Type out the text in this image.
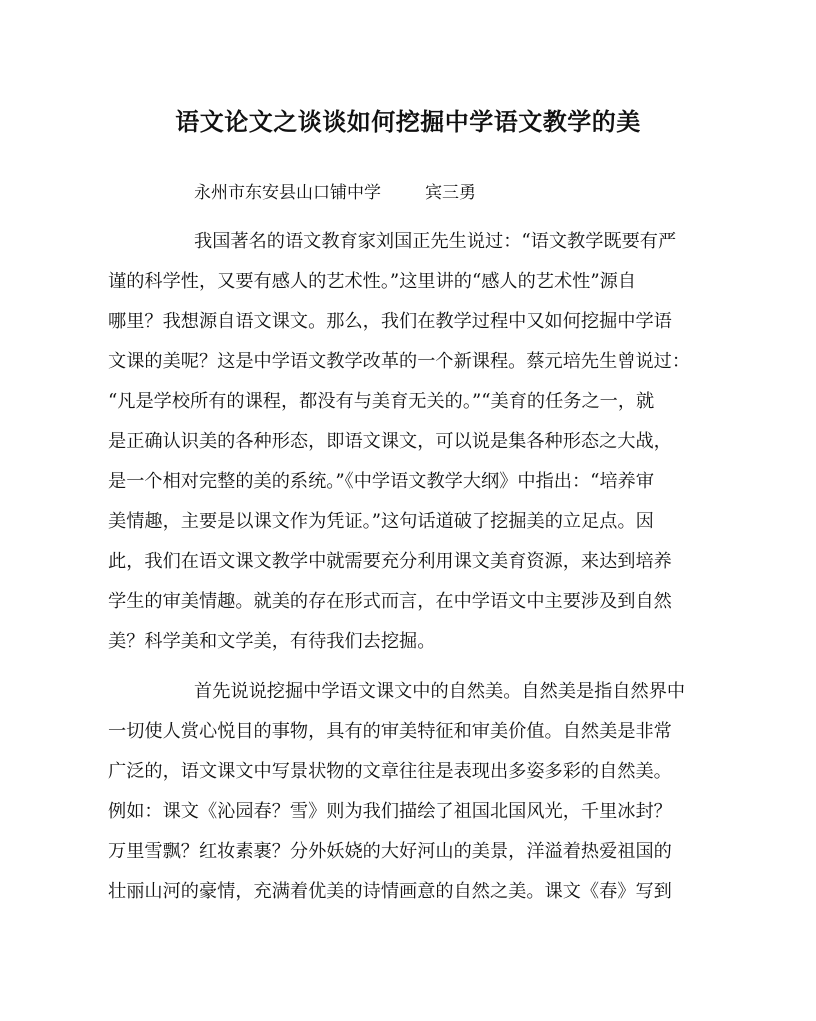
语文论文之谈谈如何挖掘中学语文教学的美
永州市东安县山口铺中学	宾三勇
我国著名的语文教育家刘国正先生说过：“语文教学既要有严
谨的科学性，又要有感人的艺术性。”这里讲的“感人的艺术性”源自
哪里？我想源自语文课文。那么，我们在教学过程中又如何挖掘中学语
文课的美呢？这是中学语文教学改革的一个新课程。蔡元培先生曾说过：
“凡是学校所有的课程，都没有与美育无关的。”“美育的任务之一，就
是正确认识美的各种形态，即语文课文，可以说是集各种形态之大战，
是一个相对完整的美的系统。”《中学语文教学大纲》中指出：“培养审
美情趣，主要是以课文作为凭证。”这句话道破了挖掘美的立足点。因
此，我们在语文课文教学中就需要充分利用课文美育资源，来达到培养
学生的审美情趣。就美的存在形式而言，在中学语文中主要涉及到自然
美？科学美和文学美，有待我们去挖掘。
首先说说挖掘中学语文课文中的自然美。自然美是指自然界中
一切使人赏心悦目的事物，具有的审美特征和审美价值。自然美是非常
广泛的，语文课文中写景状物的文章往往是表现出多姿多彩的自然美。
例如：课文《沁园春？雪》则为我们描绘了祖国北国风光，千里冰封？
万里雪飘？红妆素裹？分外妖娆的大好河山的美景，洋溢着热爱祖国的
壮丽山河的豪情，充满着优美的诗情画意的自然之美。课文《春》写到
